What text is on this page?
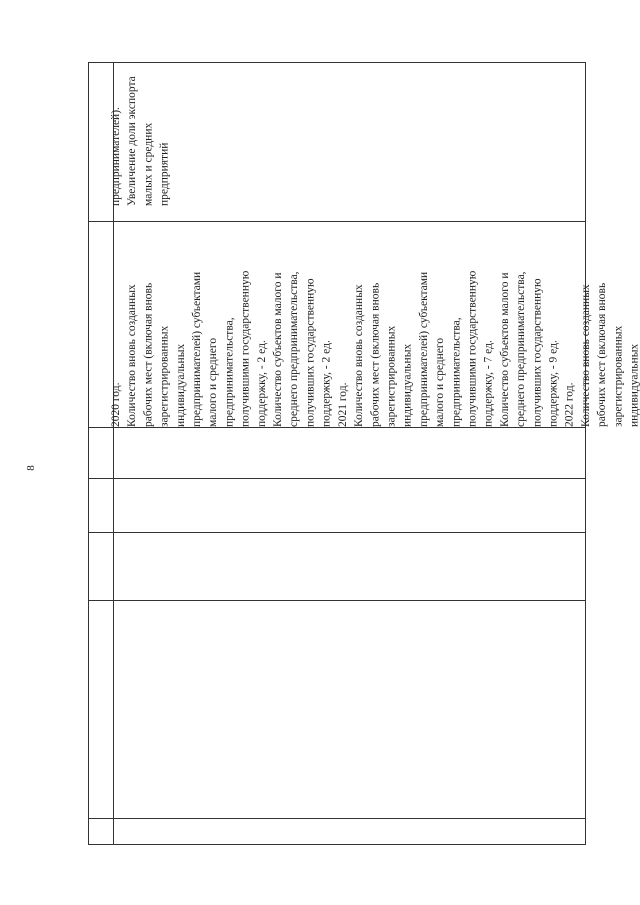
8
предпринимателей). Увеличение доли экспорта малых и средних предприятий
2020 год. Количество вновь созданных рабочих мест (включая вновь зарегистрированных индивидуальных предпринимателей) субъектами малого и среднего предпринимательства, получившими государственную поддержку, - 2 ед. Количество субъектов малого и среднего предпринимательства, получивших государственную поддержку, - 2 ед. 2021 год. Количество вновь созданных рабочих мест (включая вновь зарегистрированных индивидуальных предпринимателей) субъектами малого и среднего предпринимательства, получившими государственную поддержку, - 7 ед. Количество субъектов малого и среднего предпринимательства, получивших государственную поддержку, - 9 ед. 2022 год. Количество вновь созданных рабочих мест (включая вновь зарегистрированных индивидуальных
